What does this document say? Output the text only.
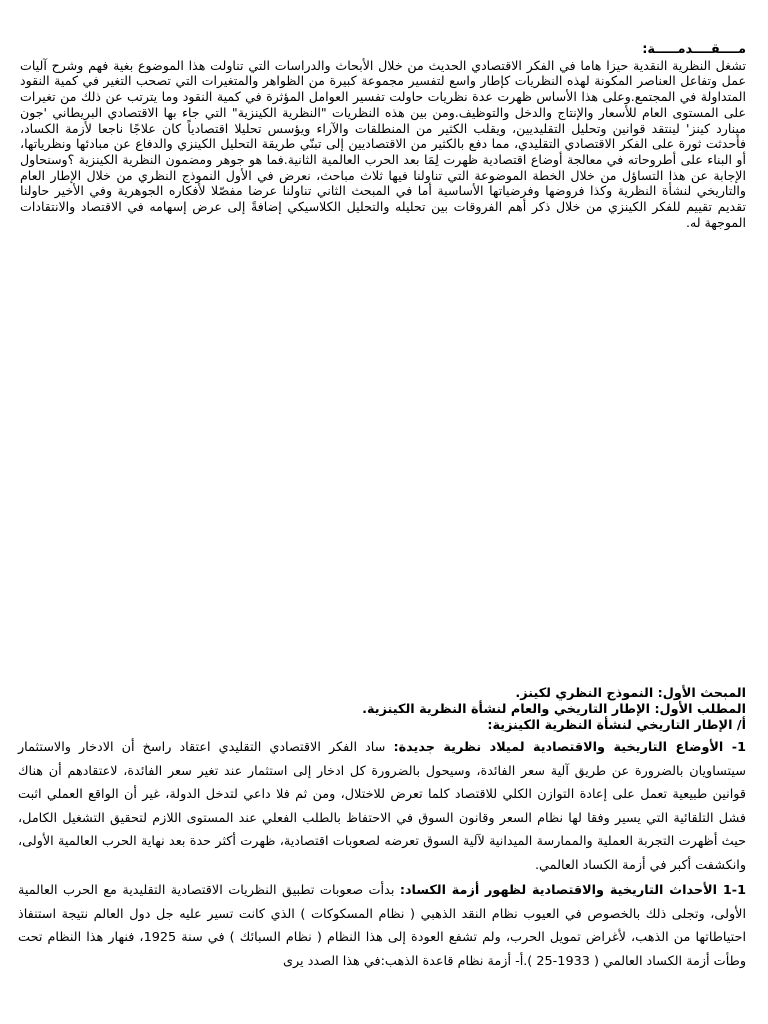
مــــقــــدمـــــة:
تشغل النظرية النقدية حيزا هاما في الفكر الاقتصادي الحديث من خلال الأبحاث والدراسات التي تناولت هذا الموضوع بغية فهم وشرح آليات عمل وتفاعل العناصر المكونة لهذه النظريات كإطار واسع لتفسير مجموعة كبيرة من الظواهر والمتغيرات التي تصحب التغير في كمية النقود المتداولة في المجتمع.وعلى هذا الأساس ظهرت عدة نظريات حاولت تفسير العوامل المؤثرة في كمية النقود وما يترتب عن ذلك من تغيرات على المستوى العام للأسعار والإنتاج والدخل والتوظيف.ومن بين هذه النظريات "النظرية الكينزية" التي جاء بها الاقتصادي البريطاني 'جون مينارد كينز' لينتقد قوانين وتحليل التقليديين، ويقلب الكثير من المنطلقات والآراء ويؤسس تحليلا اقتصادياً كان علاجًا ناجعا لأزمة الكساد، فأحدثت ثورة على الفكر الاقتصادي التقليدي، مما دفع بالكثير من الاقتصاديين إلى تبنّي طريقة التحليل الكينزي والدفاع عن مبادئها ونظرياتها، أو البناء على أطروحاته في معالجة أوضاع اقتصادية ظهرت لِمَا بعد الحرب العالمية الثانية.فما هو جوهر ومضمون النظرية الكينزية ؟وسنحاول الإجابة عن هذا التساؤل من خلال الخطة الموضوعة التي تناولنا فيها ثلاث مباحث، نعرض في الأول النموذج النظري من خلال الإطار العام والتاريخي لنشأة النظرية وكذا فروضها وفرضياتها الأساسية أما في المبحث الثاني تناولنا عرضا مفصّلا لأفكاره الجوهرية وفي الأخير حاولنا تقديم تقييم للفكر الكينزي من خلال ذكر أهم الفروقات بين تحليله والتحليل الكلاسيكي إضافةً إلى عرض إسهامه في الاقتصاد والانتقادات الموجهة له.
المبحث الأول: النموذج النظري لكينز.
المطلب الأول: الإطار التاريخي والعام لنشأة النظرية الكينزية.
أ/ الإطار التاريخي لنشأة النظرية الكينزية:
1- الأوضاع التاريخية والاقتصادية لميلاد نظرية جديدة: ساد الفكر الاقتصادي التقليدي اعتقاد راسخ أن الادخار والاستثمار سيتساويان بالضرورة عن طريق آلية سعر الفائدة، وسيحول بالضرورة كل ادخار إلى استثمار عند تغير سعر الفائدة، لاعتقادهم أن هناك قوانين طبيعية تعمل على إعادة التوازن الكلي للاقتصاد كلما تعرض للاختلال، ومن ثم فلا داعي لتدخل الدولة، غير أن الواقع العملي اثبت فشل التلقائية التي يسير وفقا لها نظام السعر وقانون السوق في الاحتفاظ بالطلب الفعلي عند المستوى اللازم لتحقيق التشغيل الكامل، حيث أظهرت التجربة العملية والممارسة الميدانية لآلية السوق تعرضه لصعوبات اقتصادية، ظهرت أكثر حدة بعد نهاية الحرب العالمية الأولى، وانكشفت أكبر في أزمة الكساد العالمي.
1-1 الأحداث التاريخية والاقتصادية لظهور أزمة الكساد: بدأت صعوبات تطبيق النظريات الاقتصادية التقليدية مع الحرب العالمية الأولى، وتجلى ذلك بالخصوص في العيوب نظام النقد الذهبي ( نظام المسكوكات ) الذي كانت تسير عليه جل دول العالم نتيجة استنفاذ احتياطاتها من الذهب، لأغراض تمويل الحرب، ولم تشفع العودة إلى هذا النظام ( نظام السبائك ) في سنة 1925، فنهار هذا النظام تحت وطأت أزمة الكساد العالمي ( 1933-25 ).أ- أزمة نظام قاعدة الذهب:في هذا الصدد يرى
